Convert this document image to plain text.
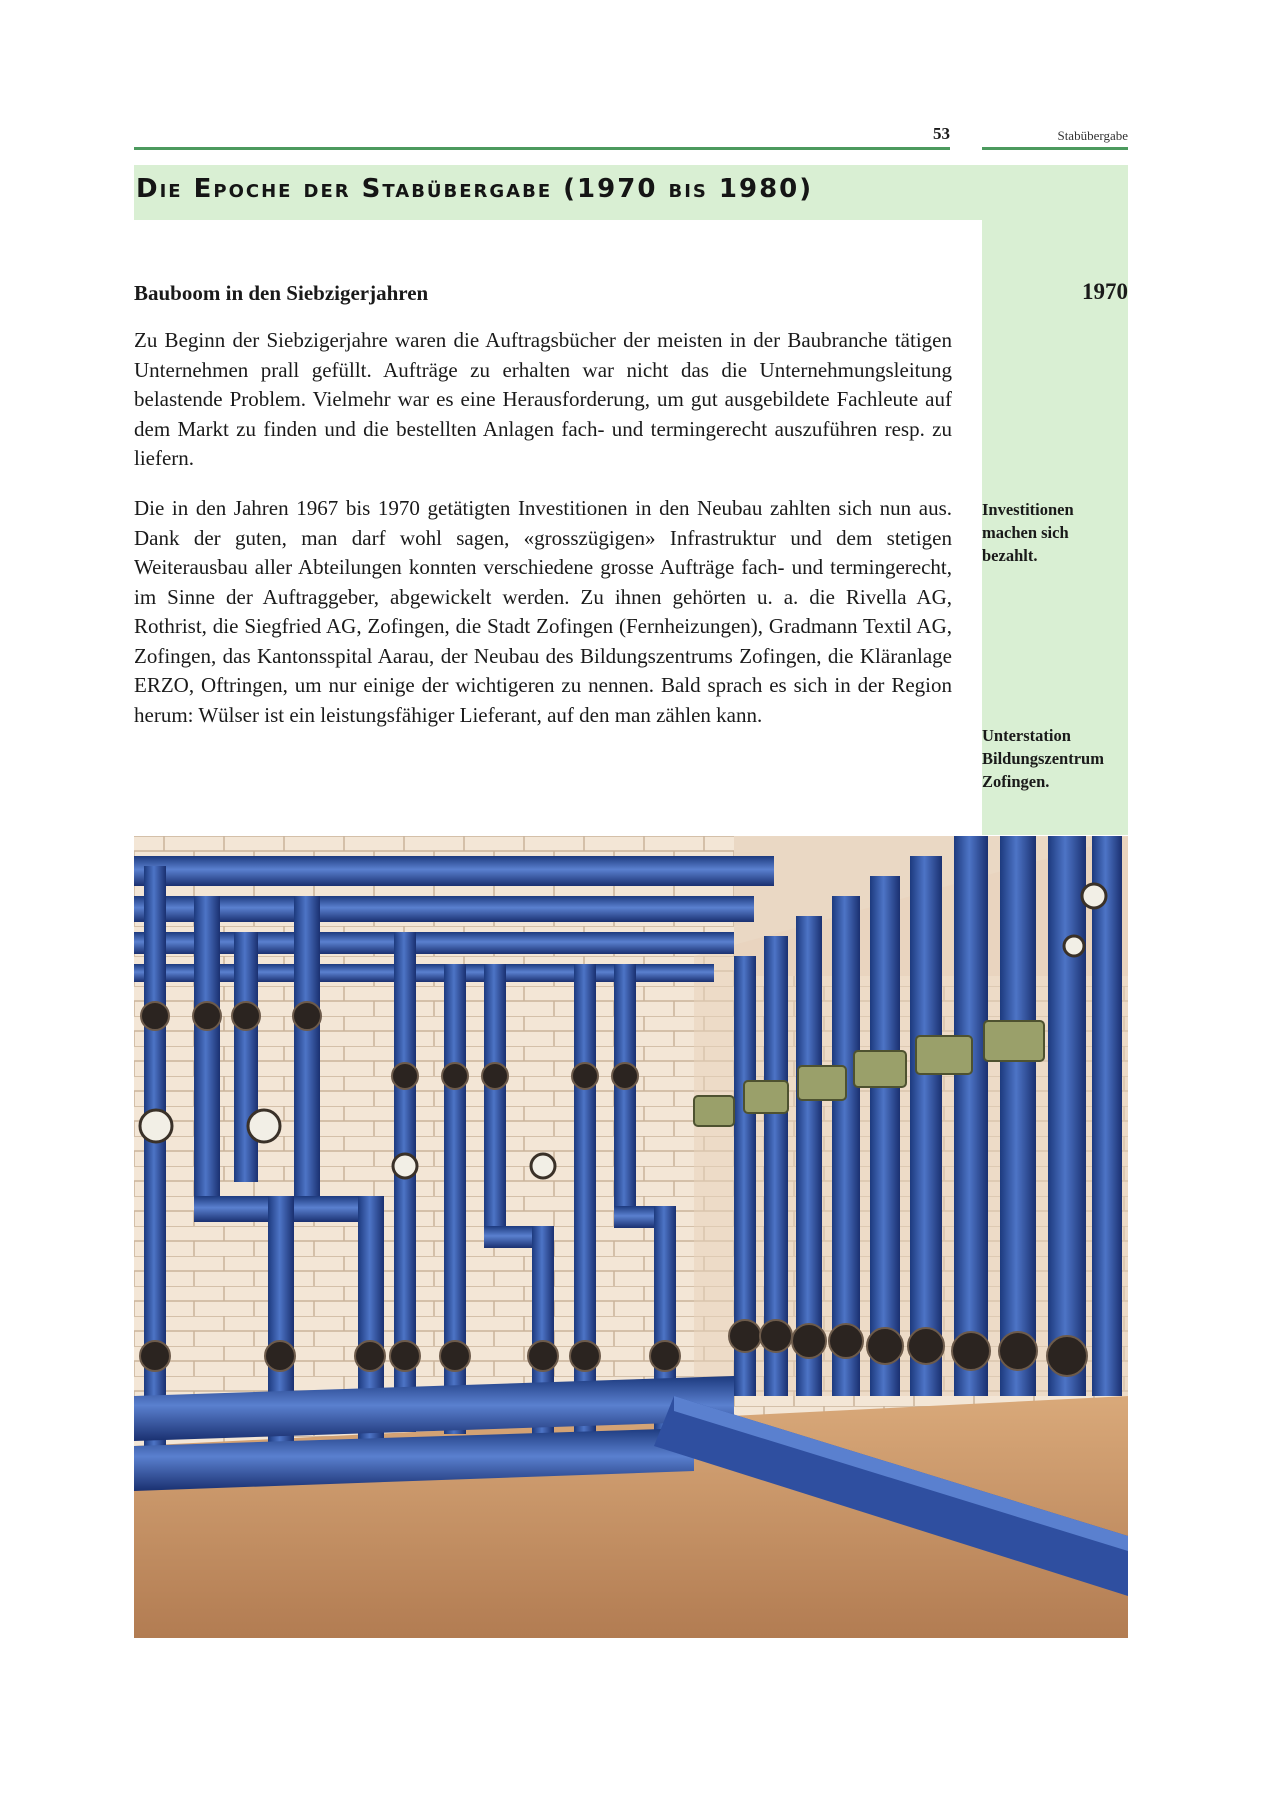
53	Stabübergabe
Die Epoche der Stabübergabe (1970 bis 1980)
Bauboom in den Siebzigerjahren	1970

Zu Beginn der Siebzigerjahre waren die Auftragsbücher der meisten in der Baubranche tätigen Unternehmen prall gefüllt. Aufträge zu erhalten war nicht das die Unternehmungsleitung belastende Problem. Vielmehr war es eine Herausforderung, um gut ausgebildete Fachleute auf dem Markt zu finden und die bestellten Anlagen fach- und termingerecht auszuführen resp. zu liefern.

Die in den Jahren 1967 bis 1970 getätigten Investitionen in den Neubau zahlten sich nun aus. Dank der guten, man darf wohl sagen, «grosszügigen» Infrastruktur und dem stetigen Weiterausbau aller Abteilungen konnten verschiedene grosse Aufträge fach- und termingerecht, im Sinne der Auftraggeber, abgewickelt werden. Zu ihnen gehörten u. a. die Rivella AG, Rothrist, die Siegfried AG, Zofingen, die Stadt Zofingen (Fernheizungen), Gradmann Textil AG, Zofingen, das Kantonsspital Aarau, der Neubau des Bildungszentrums Zofingen, die Kläranlage ERZO, Oftringen, um nur einige der wichtigeren zu nennen. Bald sprach es sich in der Region herum: Wülser ist ein leistungsfähiger Lieferant, auf den man zählen kann.

Investitionen
machen sich
bezahlt.
Unterstation
Bildungszentrum
Zofingen.
